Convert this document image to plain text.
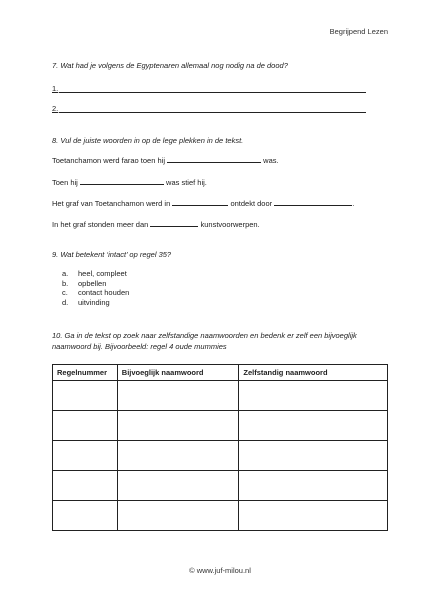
Begrijpend Lezen
7. Wat had je volgens de Egyptenaren allemaal nog nodig na de dood?
1.
2.
8. Vul de juiste woorden in op de lege plekken in de tekst.
Toetanchamon werd farao toen hij	was.
Toen hij	was stief hij.
Het graf van Toetanchamon werd in	ontdekt door	.
In het graf stonden meer dan	kunstvoorwerpen.
9. Wat betekent ‘intact’ op regel 35?
a.	heel, compleet
b.	opbellen
c.	contact houden
d.	uitvinding
10. Ga in de tekst op zoek naar zelfstandige naamwoorden en bedenk er zelf een bijvoeglijk naamwoord bij. Bijvoorbeeld: regel 4 oude mummies
Regelnummer	Bijvoeglijk naamwoord	Zelfstandig naamwoord

© www.juf-milou.nl
